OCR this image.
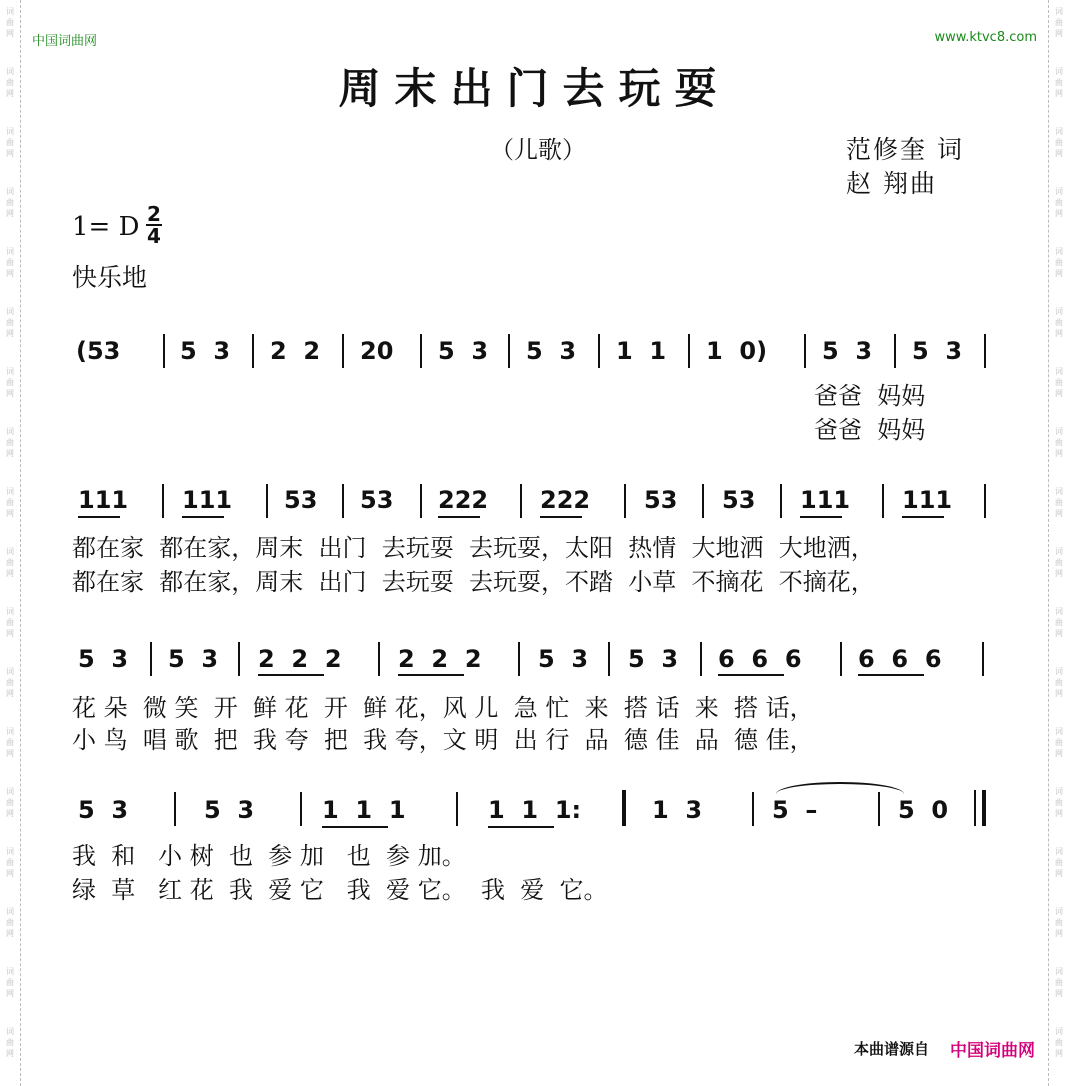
词曲网
词曲网
词曲网
词曲网
词曲网
词曲网
词曲网
词曲网
词曲网
词曲网
词曲网
词曲网
词曲网
词曲网
词曲网
词曲网
词曲网
词曲网
词曲网
词曲网
词曲网
词曲网
词曲网
词曲网
词曲网
词曲网
词曲网
词曲网
词曲网
词曲网
词曲网
词曲网
词曲网
词曲网
词曲网
词曲网
中国词曲网	www.ktvc8.com
周末出门去玩耍
（儿歌）	范修奎 词
赵 翔曲
1= D 2
4
快乐地
(53 5  3 2  2 20 5  3 5  3 1  1 1  0) 5  3 5  3
爸爸  妈妈
爸爸  妈妈
111 111 53 53 222 222 53 53 111 111
都在家  都在家，周末  出门  去玩耍  去玩耍，太阳  热情  大地洒  大地洒，
都在家  都在家，周末  出门  去玩耍  去玩耍，不踏  小草  不摘花  不摘花，
5  3 5  3 2  2  2 2  2  2 5  3 5  3 6  6  6 6  6  6
花 朵  微 笑  开  鲜 花  开  鲜 花，风 儿  急 忙  来  搭 话  来  搭 话，
小 鸟  唱 歌  把  我 夸  把  我 夸，文 明  出 行  品  德 佳  品  德 佳，
5  3	5  3	1  1  1	1  1  1:	1  3	5  –	5  0
我  和   小 树  也  参 加   也  参 加。
绿  草   红 花  我  爱 它   我  爱 它。  我  爱  它。
本曲谱源自 中国词曲网
